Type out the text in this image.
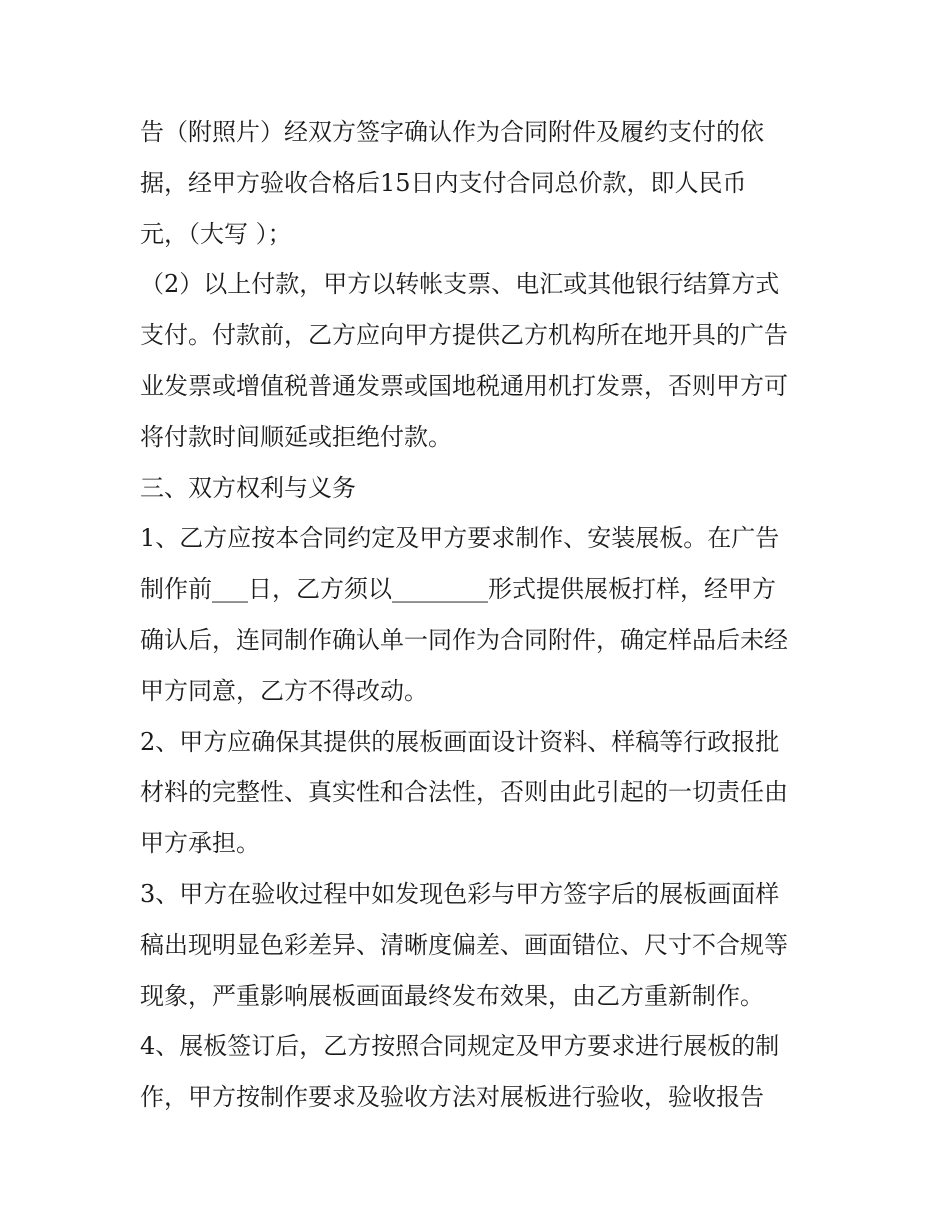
告（附照片）经双方签字确认作为合同附件及履约支付的依
据，经甲方验收合格后15日内支付合同总价款，即人民币
元，（大写 ）；
（2）以上付款，甲方以转帐支票、电汇或其他银行结算方式
支付。付款前，乙方应向甲方提供乙方机构所在地开具的广告
业发票或增值税普通发票或国地税通用机打发票，否则甲方可
将付款时间顺延或拒绝付款。
三、双方权利与义务
1、乙方应按本合同约定及甲方要求制作、安装展板。在广告
制作前___日，乙方须以________形式提供展板打样，经甲方
确认后，连同制作确认单一同作为合同附件，确定样品后未经
甲方同意，乙方不得改动。
2、甲方应确保其提供的展板画面设计资料、样稿等行政报批
材料的完整性、真实性和合法性，否则由此引起的一切责任由
甲方承担。
3、甲方在验收过程中如发现色彩与甲方签字后的展板画面样
稿出现明显色彩差异、清晰度偏差、画面错位、尺寸不合规等
现象，严重影响展板画面最终发布效果，由乙方重新制作。
4、展板签订后，乙方按照合同规定及甲方要求进行展板的制
作，甲方按制作要求及验收方法对展板进行验收，验收报告
